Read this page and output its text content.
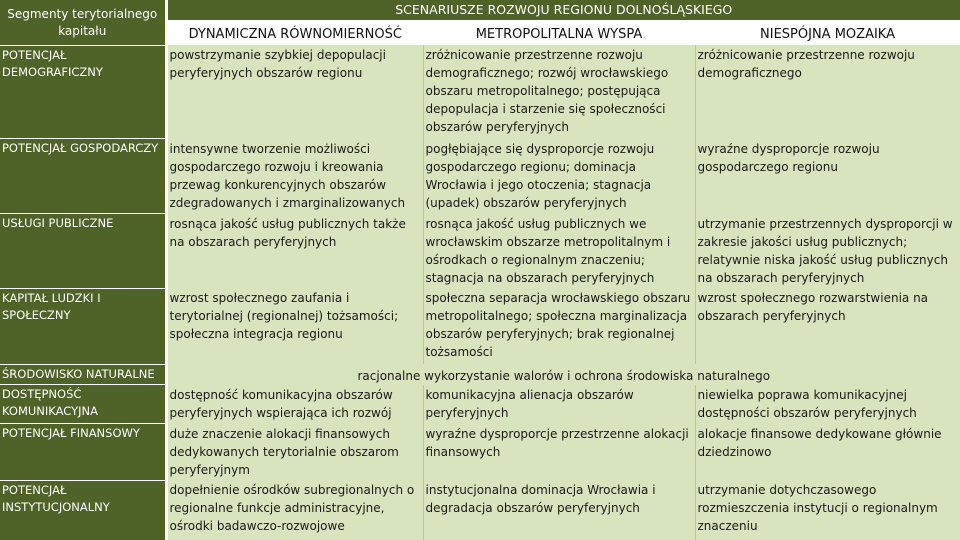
Segmenty terytorialnego kapitału	SCENARIUSZE ROZWOJU REGIONU DOLNOŚLĄSKIEGO		
	DYNAMICZNA RÓWNOMIERNOŚĆ	METROPOLITALNA WYSPA	NIESPÓJNA MOZAIKA
POTENCJAŁ DEMOGRAFICZNY	powstrzymanie szybkiej depopulacji peryferyjnych obszarów regionu	zróżnicowanie przestrzenne rozwoju demograficznego; rozwój wrocławskiego obszaru metropolitalnego; postępująca depopulacja i starzenie się społeczności obszarów peryferyjnych	zróżnicowanie przestrzenne rozwoju demograficznego
POTENCJAŁ GOSPODARCZY	intensywne tworzenie możliwości gospodarczego rozwoju i kreowania przewag konkurencyjnych obszarów zdegradowanych i zmarginalizowanych	pogłębiające się dysproporcje rozwoju gospodarczego regionu; dominacja Wrocławia i jego otoczenia; stagnacja (upadek) obszarów peryferyjnych	wyraźne dysproporcje rozwoju gospodarczego regionu
USŁUGI PUBLICZNE	rosnąca jakość usług publicznych także na obszarach peryferyjnych	rosnąca jakość usług publicznych we wrocławskim obszarze metropolitalnym i ośrodkach o regionalnym znaczeniu; stagnacja na obszarach peryferyjnych	utrzymanie przestrzennych dysproporcji w zakresie jakości usług publicznych; relatywnie niska jakość usług publicznych na obszarach peryferyjnych
KAPITAŁ LUDZKI I SPOŁECZNY	wzrost społecznego zaufania i terytorialnej (regionalnej) tożsamości; społeczna integracja regionu	społeczna separacja wrocławskiego obszaru metropolitalnego; społeczna marginalizacja obszarów peryferyjnych; brak regionalnej tożsamości	wzrost społecznego rozwarstwienia na obszarach peryferyjnych
ŚRODOWISKO NATURALNE	racjonalne wykorzystanie walorów i ochrona środowiska naturalnego		
DOSTĘPNOŚĆ KOMUNIKACYJNA	dostępność komunikacyjna obszarów peryferyjnych wspierająca ich rozwój	komunikacyjna alienacja obszarów peryferyjnych	niewielka poprawa komunikacyjnej dostępności obszarów peryferyjnych
POTENCJAŁ FINANSOWY	duże znaczenie alokacji finansowych dedykowanych terytorialnie obszarom peryferyjnym	wyraźne dysproporcje przestrzenne alokacji finansowych	alokacje finansowe dedykowane głównie dziedzinowo
POTENCJAŁ INSTYTUCJONALNY	dopełnienie ośrodków subregionalnych o regionalne funkcje administracyjne, ośrodki badawczo-rozwojowe	instytucjonalna dominacja Wrocławia i degradacja obszarów peryferyjnych	utrzymanie dotychczasowego rozmieszczenia instytucji o regionalnym znaczeniu
